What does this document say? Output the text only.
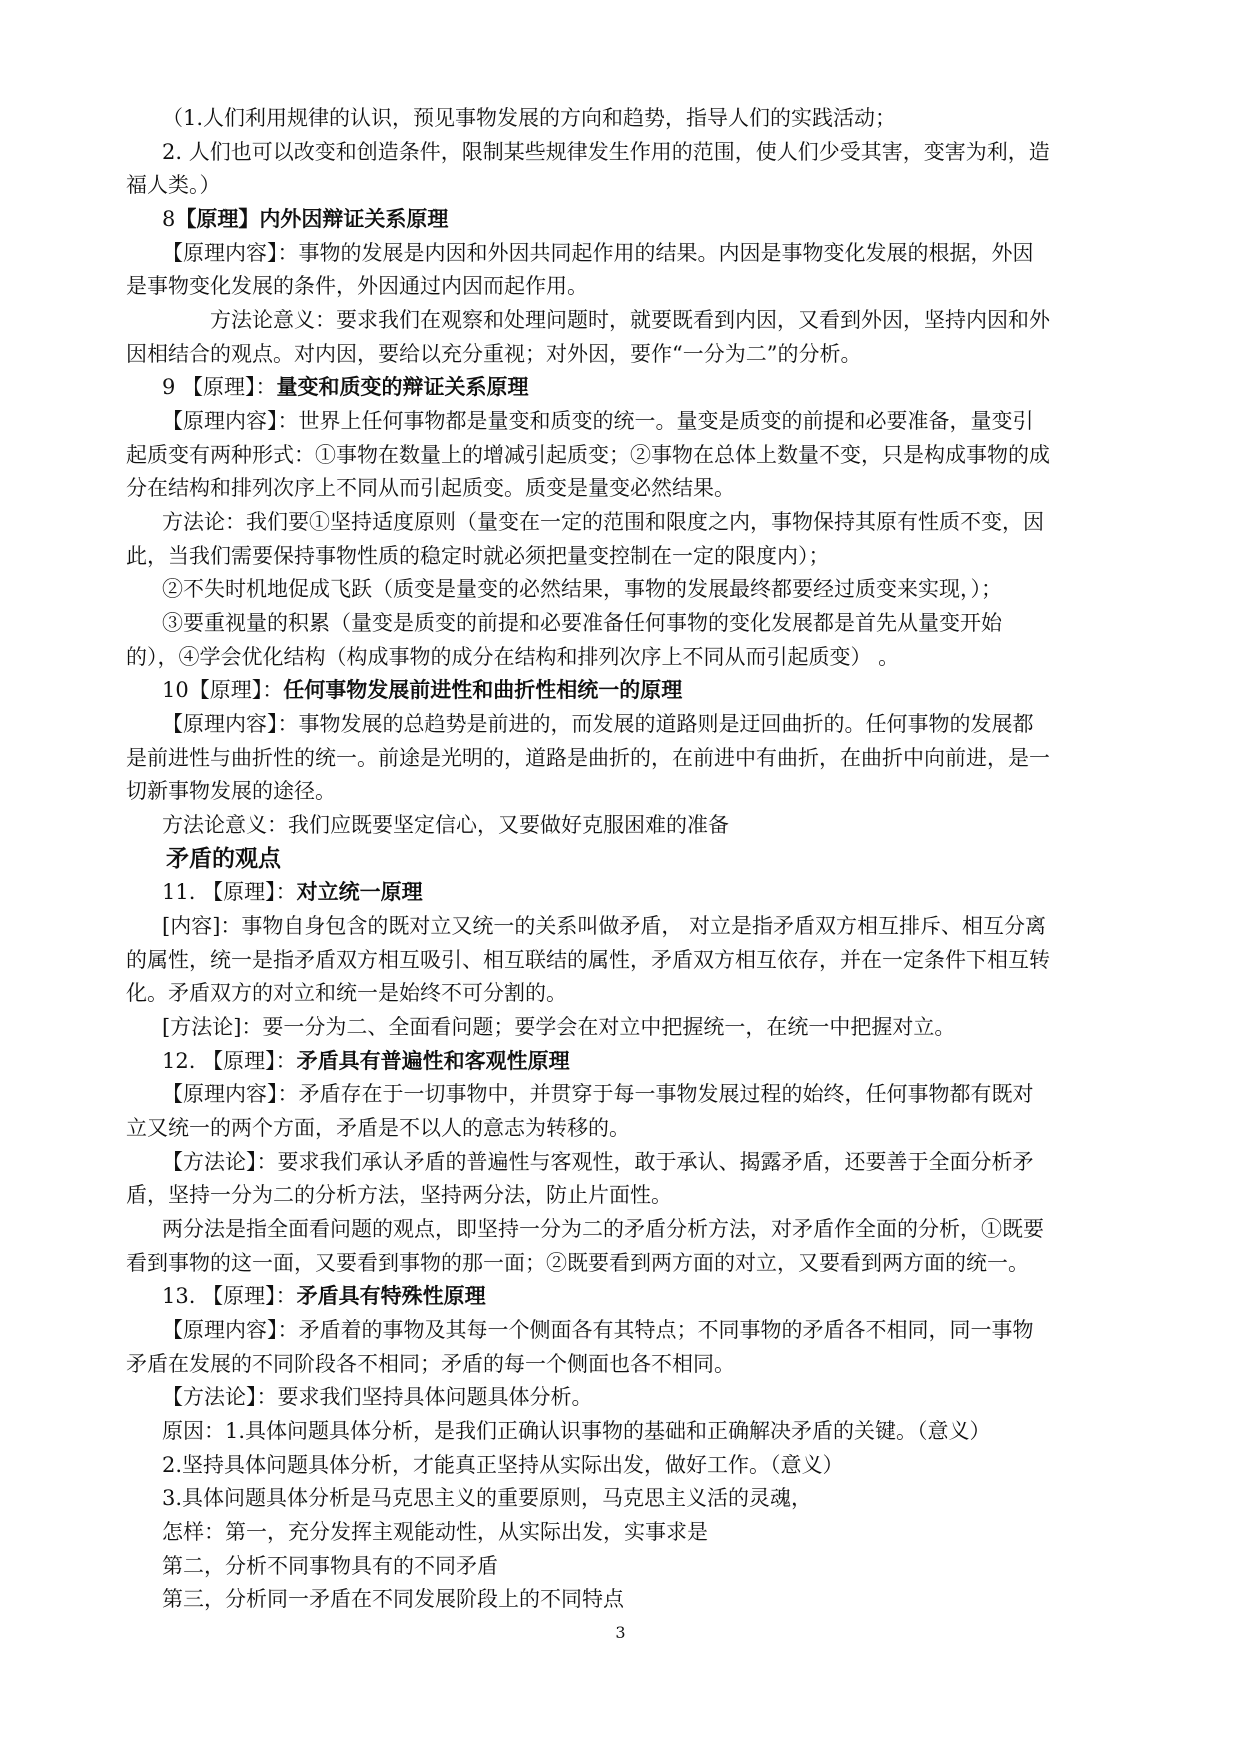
（1.人们利用规律的认识，预见事物发展的方向和趋势，指导人们的实践活动；
2. 人们也可以改变和创造条件，限制某些规律发生作用的范围，使人们少受其害，变害为利，造
福人类。）
8【原理】内外因辩证关系原理
【原理内容】：事物的发展是内因和外因共同起作用的结果。内因是事物变化发展的根据，外因
是事物变化发展的条件，外因通过内因而起作用。
方法论意义：要求我们在观察和处理问题时，就要既看到内因，又看到外因，坚持内因和外
因相结合的观点。对内因，要给以充分重视；对外因，要作“一分为二”的分析。
9 【原理】：量变和质变的辩证关系原理
【原理内容】：世界上任何事物都是量变和质变的统一。量变是质变的前提和必要准备，量变引
起质变有两种形式：①事物在数量上的增减引起质变；②事物在总体上数量不变，只是构成事物的成
分在结构和排列次序上不同从而引起质变。质变是量变必然结果。
方法论：我们要①坚持适度原则（量变在一定的范围和限度之内，事物保持其原有性质不变，因
此，当我们需要保持事物性质的稳定时就必须把量变控制在一定的限度内）；
②不失时机地促成飞跃（质变是量变的必然结果，事物的发展最终都要经过质变来实现，）；
③要重视量的积累（量变是质变的前提和必要准备任何事物的变化发展都是首先从量变开始
的），④学会优化结构（构成事物的成分在结构和排列次序上不同从而引起质变） 。
10【原理】：任何事物发展前进性和曲折性相统一的原理
【原理内容】：事物发展的总趋势是前进的，而发展的道路则是迂回曲折的。任何事物的发展都
是前进性与曲折性的统一。前途是光明的，道路是曲折的，在前进中有曲折，在曲折中向前进，是一
切新事物发展的途径。
方法论意义：我们应既要坚定信心，又要做好克服困难的准备
矛盾的观点
11. 【原理】：对立统一原理
[内容]：事物自身包含的既对立又统一的关系叫做矛盾， 对立是指矛盾双方相互排斥、相互分离
的属性，统一是指矛盾双方相互吸引、相互联结的属性，矛盾双方相互依存，并在一定条件下相互转
化。矛盾双方的对立和统一是始终不可分割的。
[方法论]：要一分为二、全面看问题；要学会在对立中把握统一，在统一中把握对立。
12. 【原理】：矛盾具有普遍性和客观性原理
【原理内容】：矛盾存在于一切事物中，并贯穿于每一事物发展过程的始终，任何事物都有既对
立又统一的两个方面，矛盾是不以人的意志为转移的。
【方法论】：要求我们承认矛盾的普遍性与客观性，敢于承认、揭露矛盾，还要善于全面分析矛
盾，坚持一分为二的分析方法，坚持两分法，防止片面性。
两分法是指全面看问题的观点，即坚持一分为二的矛盾分析方法，对矛盾作全面的分析，①既要
看到事物的这一面，又要看到事物的那一面；②既要看到两方面的对立，又要看到两方面的统一。
13. 【原理】：矛盾具有特殊性原理
【原理内容】：矛盾着的事物及其每一个侧面各有其特点；不同事物的矛盾各不相同，同一事物
矛盾在发展的不同阶段各不相同；矛盾的每一个侧面也各不相同。
【方法论】：要求我们坚持具体问题具体分析。
原因：1.具体问题具体分析，是我们正确认识事物的基础和正确解决矛盾的关键。（意义）
2.坚持具体问题具体分析，才能真正坚持从实际出发，做好工作。（意义）
3.具体问题具体分析是马克思主义的重要原则，马克思主义活的灵魂，
怎样：第一，充分发挥主观能动性，从实际出发，实事求是
第二，分析不同事物具有的不同矛盾
第三，分析同一矛盾在不同发展阶段上的不同特点
3
